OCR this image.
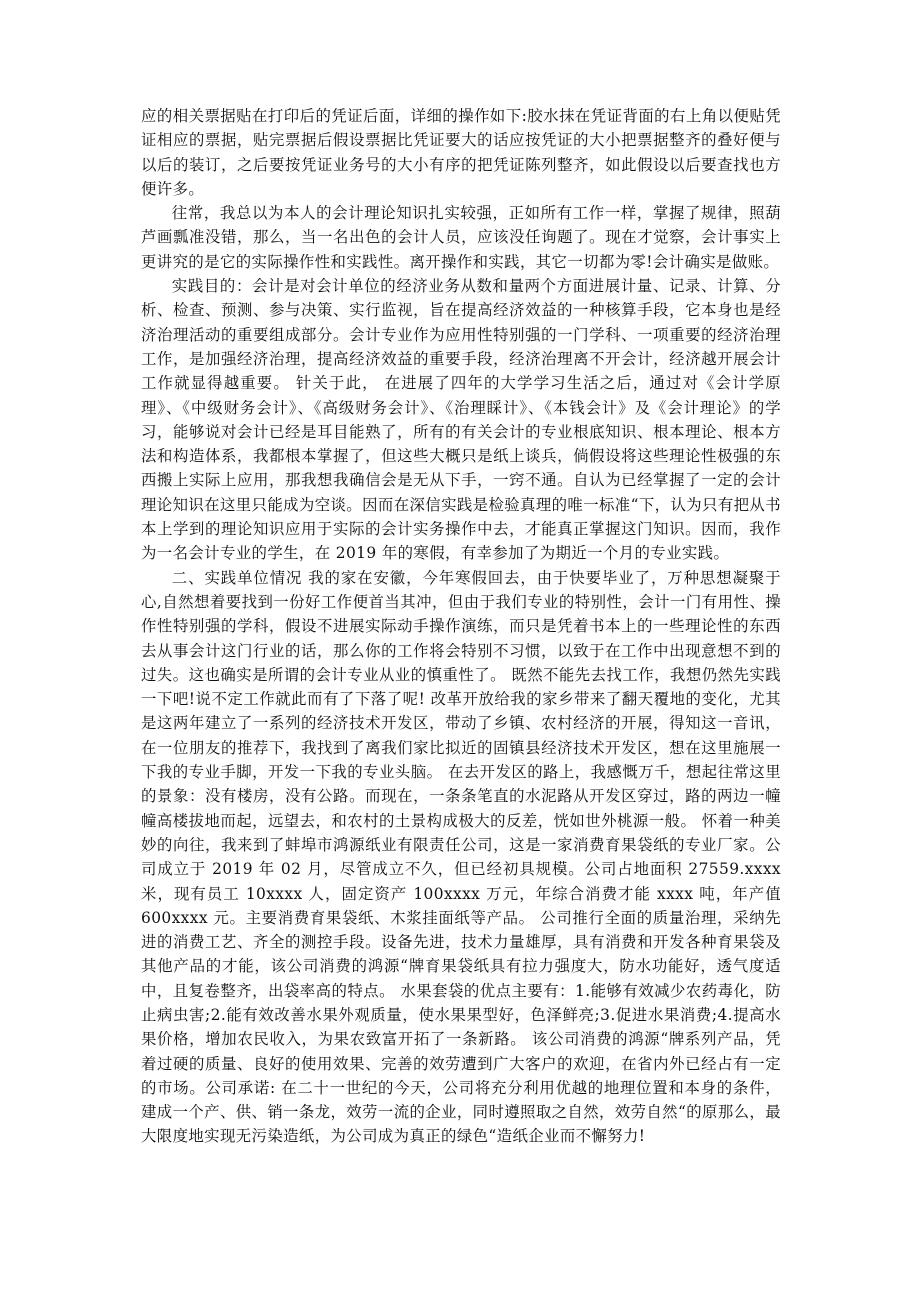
应的相关票据贴在打印后的凭证后面，详细的操作如下:胶水抹在凭证背面的右上角以便贴凭证相应的票据，贴完票据后假设票据比凭证要大的话应按凭证的大小把票据整齐的叠好便与以后的装订，之后要按凭证业务号的大小有序的把凭证陈列整齐，如此假设以后要查找也方便许多。

往常，我总以为本人的会计理论知识扎实较强，正如所有工作一样，掌握了规律，照葫芦画瓢准没错，那么，当一名出色的会计人员，应该没任询题了。现在才觉察，会计事实上更讲究的是它的实际操作性和实践性。离开操作和实践，其它一切都为零!会计确实是做账。

实践目的：会计是对会计单位的经济业务从数和量两个方面进展计量、记录、计算、分析、检查、预测、参与决策、实行监视，旨在提高经济效益的一种核算手段，它本身也是经济治理活动的重要组成部分。会计专业作为应用性特别强的一门学科、一项重要的经济治理工作，是加强经济治理，提高经济效益的重要手段，经济治理离不开会计，经济越开展会计工作就显得越重要。 针关于此， 在进展了四年的大学学习生活之后，通过对《会计学原理》、《中级财务会计》、《高级财务会计》、《治理睬计》、《本钱会计》及《会计理论》的学习，能够说对会计已经是耳目能熟了，所有的有关会计的专业根底知识、根本理论、根本方法和构造体系，我都根本掌握了，但这些大概只是纸上谈兵，倘假设将这些理论性极强的东西搬上实际上应用，那我想我确信会是无从下手，一窍不通。自认为已经掌握了一定的会计理论知识在这里只能成为空谈。因而在深信实践是检验真理的唯一标准“下，认为只有把从书本上学到的理论知识应用于实际的会计实务操作中去，才能真正掌握这门知识。因而，我作为一名会计专业的学生，在 2019 年的寒假，有幸参加了为期近一个月的专业实践。

二、实践单位情况 我的家在安徽，今年寒假回去，由于快要毕业了，万种思想凝聚于心,自然想着要找到一份好工作便首当其冲，但由于我们专业的特别性，会计一门有用性、操作性特别强的学科，假设不进展实际动手操作演练，而只是凭着书本上的一些理论性的东西去从事会计这门行业的话，那么你的工作将会特别不习惯，以致于在工作中出现意想不到的过失。这也确实是所谓的会计专业从业的慎重性了。 既然不能先去找工作，我想仍然先实践一下吧!说不定工作就此而有了下落了呢! 改革开放给我的家乡带来了翻天覆地的变化，尤其是这两年建立了一系列的经济技术开发区，带动了乡镇、农村经济的开展，得知这一音讯，在一位朋友的推荐下，我找到了离我们家比拟近的固镇县经济技术开发区，想在这里施展一下我的专业手脚，开发一下我的专业头脑。 在去开发区的路上，我感慨万千，想起往常这里的景象：没有楼房，没有公路。而现在，一条条笔直的水泥路从开发区穿过，路的两边一幢幢高楼拔地而起，远望去，和农村的土景构成极大的反差，恍如世外桃源一般。 怀着一种美妙的向往，我来到了蚌埠市鸿源纸业有限责任公司，这是一家消费育果袋纸的专业厂家。公司成立于 2019 年 02 月，尽管成立不久，但已经初具规模。公司占地面积 27559.xxxx 米，现有员工 10xxxx 人，固定资产 100xxxx 万元，年综合消费才能 xxxx 吨，年产值 600xxxx 元。主要消费育果袋纸、木浆挂面纸等产品。 公司推行全面的质量治理，采纳先进的消费工艺、齐全的测控手段。设备先进，技术力量雄厚，具有消费和开发各种育果袋及其他产品的才能，该公司消费的鸿源“牌育果袋纸具有拉力强度大，防水功能好，透气度适中，且复卷整齐，出袋率高的特点。 水果套袋的优点主要有：1.能够有效减少农药毒化，防止病虫害;2.能有效改善水果外观质量，使水果果型好，色泽鲜亮;3.促进水果消费;4.提高水果价格，增加农民收入，为果农致富开拓了一条新路。 该公司消费的鸿源“牌系列产品，凭着过硬的质量、良好的使用效果、完善的效劳遭到广大客户的欢迎，在省内外已经占有一定的市场。公司承诺: 在二十一世纪的今天，公司将充分利用优越的地理位置和本身的条件，建成一个产、供、销一条龙，效劳一流的企业，同时遵照取之自然，效劳自然“的原那么，最大限度地实现无污染造纸，为公司成为真正的绿色“造纸企业而不懈努力!
